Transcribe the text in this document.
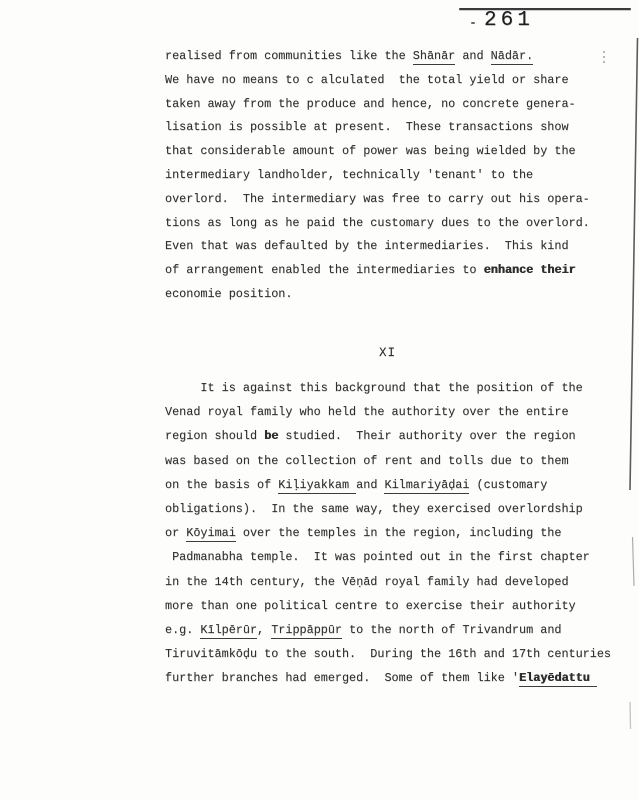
261
realised from communities like the Shānār and Nādār.
We have no means to c alculated  the total yield or share
taken away from the produce and hence, no concrete genera-
lisation is possible at present.  These transactions show
that considerable amount of power was being wielded by the
intermediary landholder, technically 'tenant' to the
overlord.  The intermediary was free to carry out his opera-
tions as long as he paid the customary dues to the overlord.
Even that was defaulted by the intermediaries.  This kind
of arrangement enabled the intermediaries to enhance their
economie position.
XI
It is against this background that the position of the
Venad royal family who held the authority over the entire
region should be studied.  Their authority over the region
was based on the collection of rent and tolls due to them
on the basis of Kiḷiyakkam and Kilmariyāḍai (customary
obligations).  In the same way, they exercised overlordship
or Kōyimai over the temples in the region, including the
Padmanabha temple.  It was pointed out in the first chapter
in the 14th century, the Vēṇād royal family had developed
more than one political centre to exercise their authority
e.g. Kīlpērūr, Trippāppūr to the north of Trivandrum and
Tiruvitāmkōḍu to the south.  During the 16th and 17th centuries
further branches had emerged.  Some of them like 'Elayēdattu
